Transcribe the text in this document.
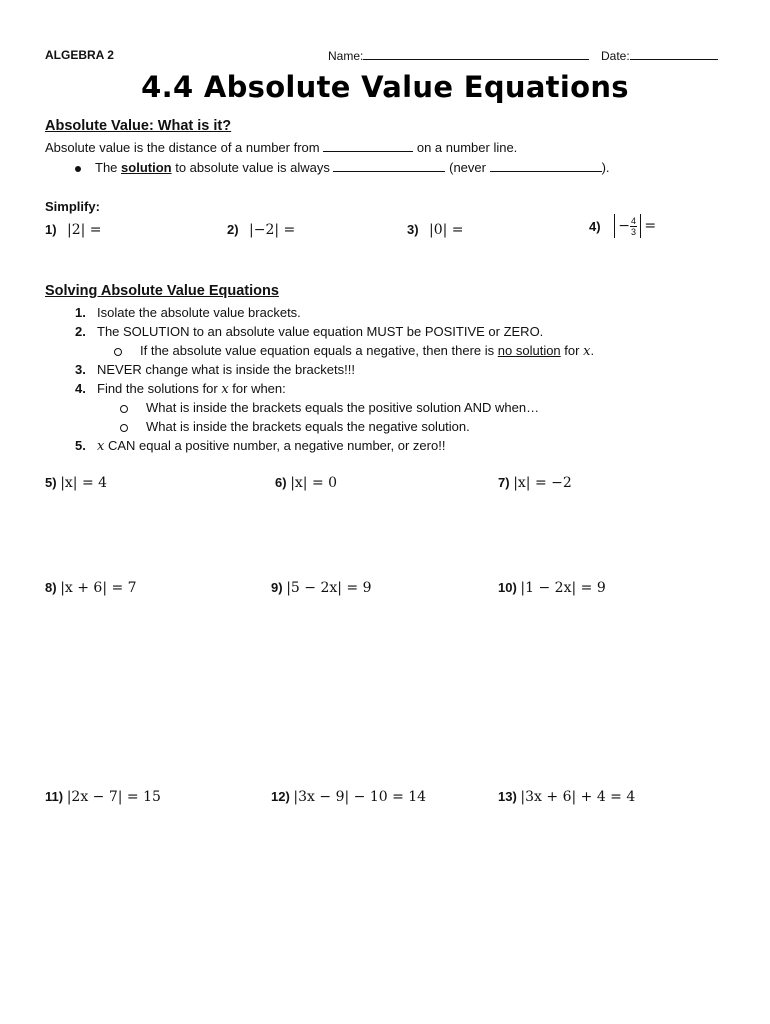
ALGEBRA 2	Name:	Date:
4.4 Absolute Value Equations
Absolute Value: What is it?
Absolute value is the distance of a number from	on a number line.
The solution to absolute value is always	(never	).
Simplify:
1) |2| =	2) |−2| =	3) |0| =	$4) - \frac{4}{3}$ =
Solving Absolute Value Equations
1. Isolate the absolute value brackets.
2. The SOLUTION to an absolute value equation MUST be POSITIVE or ZERO.
If the absolute value equation equals a negative, then there is no solution for x.
3. NEVER change what is inside the brackets!!!
4. Find the solutions for x for when:
What is inside the brackets equals the positive solution AND when…
What is inside the brackets equals the negative solution.
5. x CAN equal a positive number, a negative number, or zero!!
5) |x| = 4	6) |x| = 0	7) |x| = −2
8) |x + 6| = 7	9) |5 − 2x| = 9	10) |1 − 2x| = 9
11) |2x − 7| = 15	12) |3x − 9| − 10 = 14	13) |3x + 6| + 4 = 4
